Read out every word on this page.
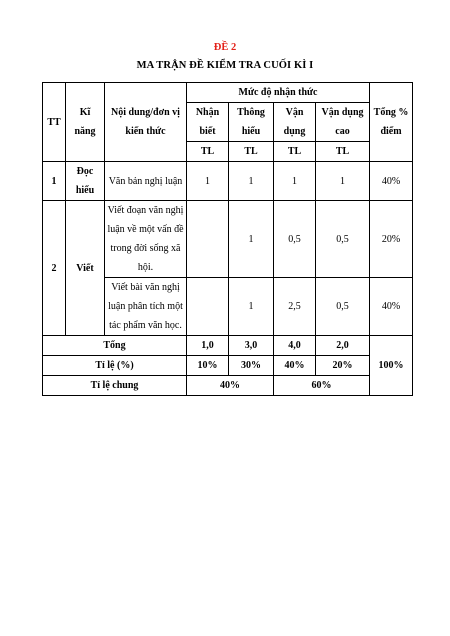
ĐỀ 2
MA TRẬN ĐỀ KIỂM TRA CUỐI KÌ I
TT	Kĩ năng	Nội dung/đơn vị kiến thức	Mức độ nhận thức				Tổng % điểm
			Nhận biết	Thông hiểu	Vận dụng	Vận dụng cao	
			TL	TL	TL	TL	
1	Đọc hiểu	Văn bản nghị luận	1	1	1	1	40%
2	Viết	Viết đoạn văn nghị luận về một vấn đề trong đời sống xã hội.		1	0,5	0,5	20%
		Viết bài văn nghị luận phân tích một tác phẩm văn học.		1	2,5	0,5	40%
Tổng			1,0	3,0	4,0	2,0	100%
Tỉ lệ (%)			10%	30%	40%	20%	
Tỉ lệ chung			40%		60%		
